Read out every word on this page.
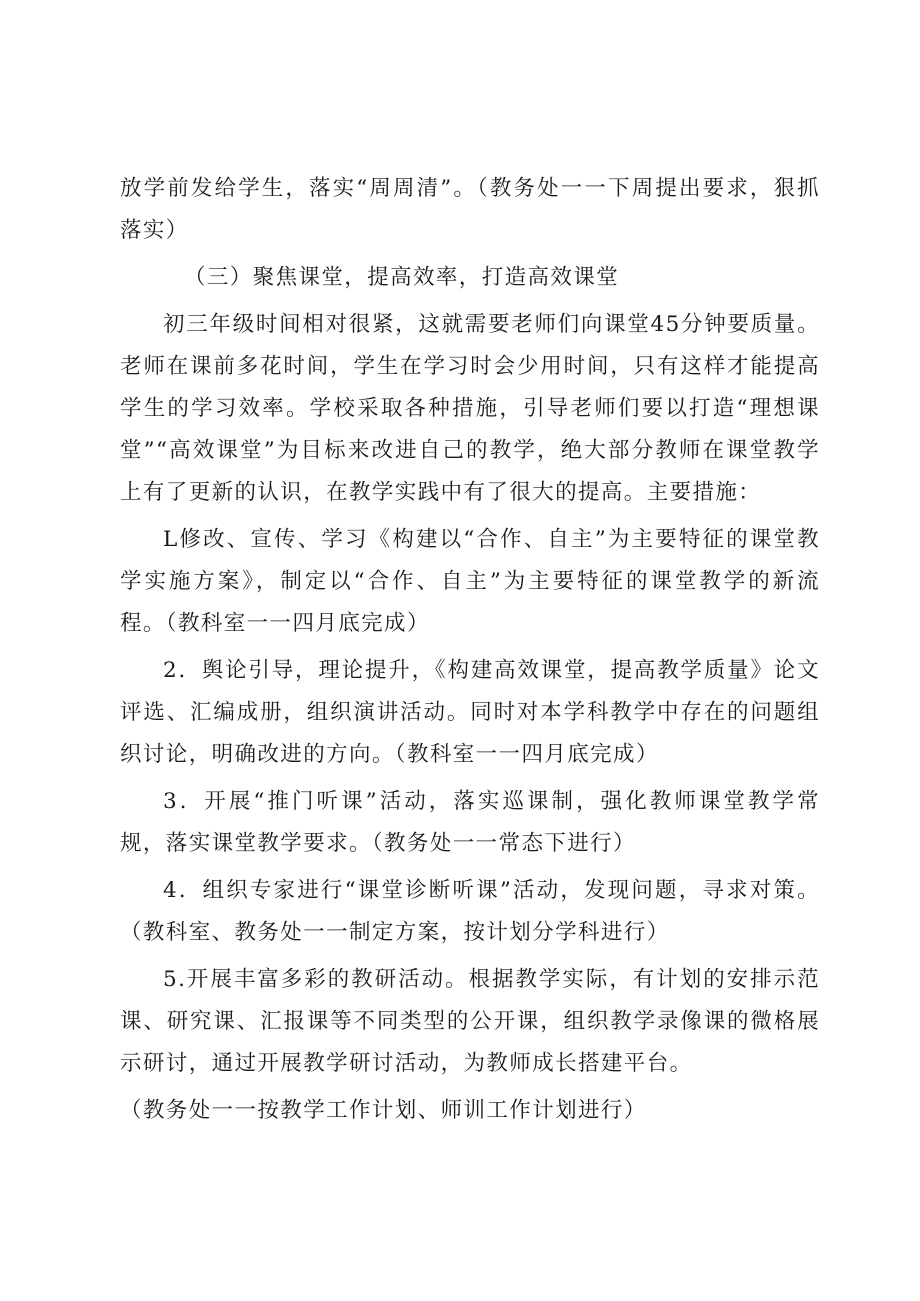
放学前发给学生，落实“周周清”。（教务处一一下周提出要求，狠抓落实）

（三）聚焦课堂，提高效率，打造高效课堂

初三年级时间相对很紧，这就需要老师们向课堂45分钟要质量。老师在课前多花时间，学生在学习时会少用时间，只有这样才能提高学生的学习效率。学校采取各种措施，引导老师们要以打造“理想课堂”“高效课堂”为目标来改进自己的教学，绝大部分教师在课堂教学上有了更新的认识，在教学实践中有了很大的提高。主要措施：

L修改、宣传、学习《构建以“合作、自主”为主要特征的课堂教学实施方案》，制定以“合作、自主”为主要特征的课堂教学的新流程。（教科室一一四月底完成）

2．舆论引导，理论提升，《构建高效课堂，提高教学质量》论文评选、汇编成册，组织演讲活动。同时对本学科教学中存在的问题组织讨论，明确改进的方向。（教科室一一四月底完成）

3．开展“推门听课”活动，落实巡课制，强化教师课堂教学常规，落实课堂教学要求。（教务处一一常态下进行）

4．组织专家进行“课堂诊断听课”活动，发现问题，寻求对策。（教科室、教务处一一制定方案，按计划分学科进行）

5.开展丰富多彩的教研活动。根据教学实际，有计划的安排示范课、研究课、汇报课等不同类型的公开课，组织教学录像课的微格展示研讨，通过开展教学研讨活动，为教师成长搭建平台。

（教务处一一按教学工作计划、师训工作计划进行）
